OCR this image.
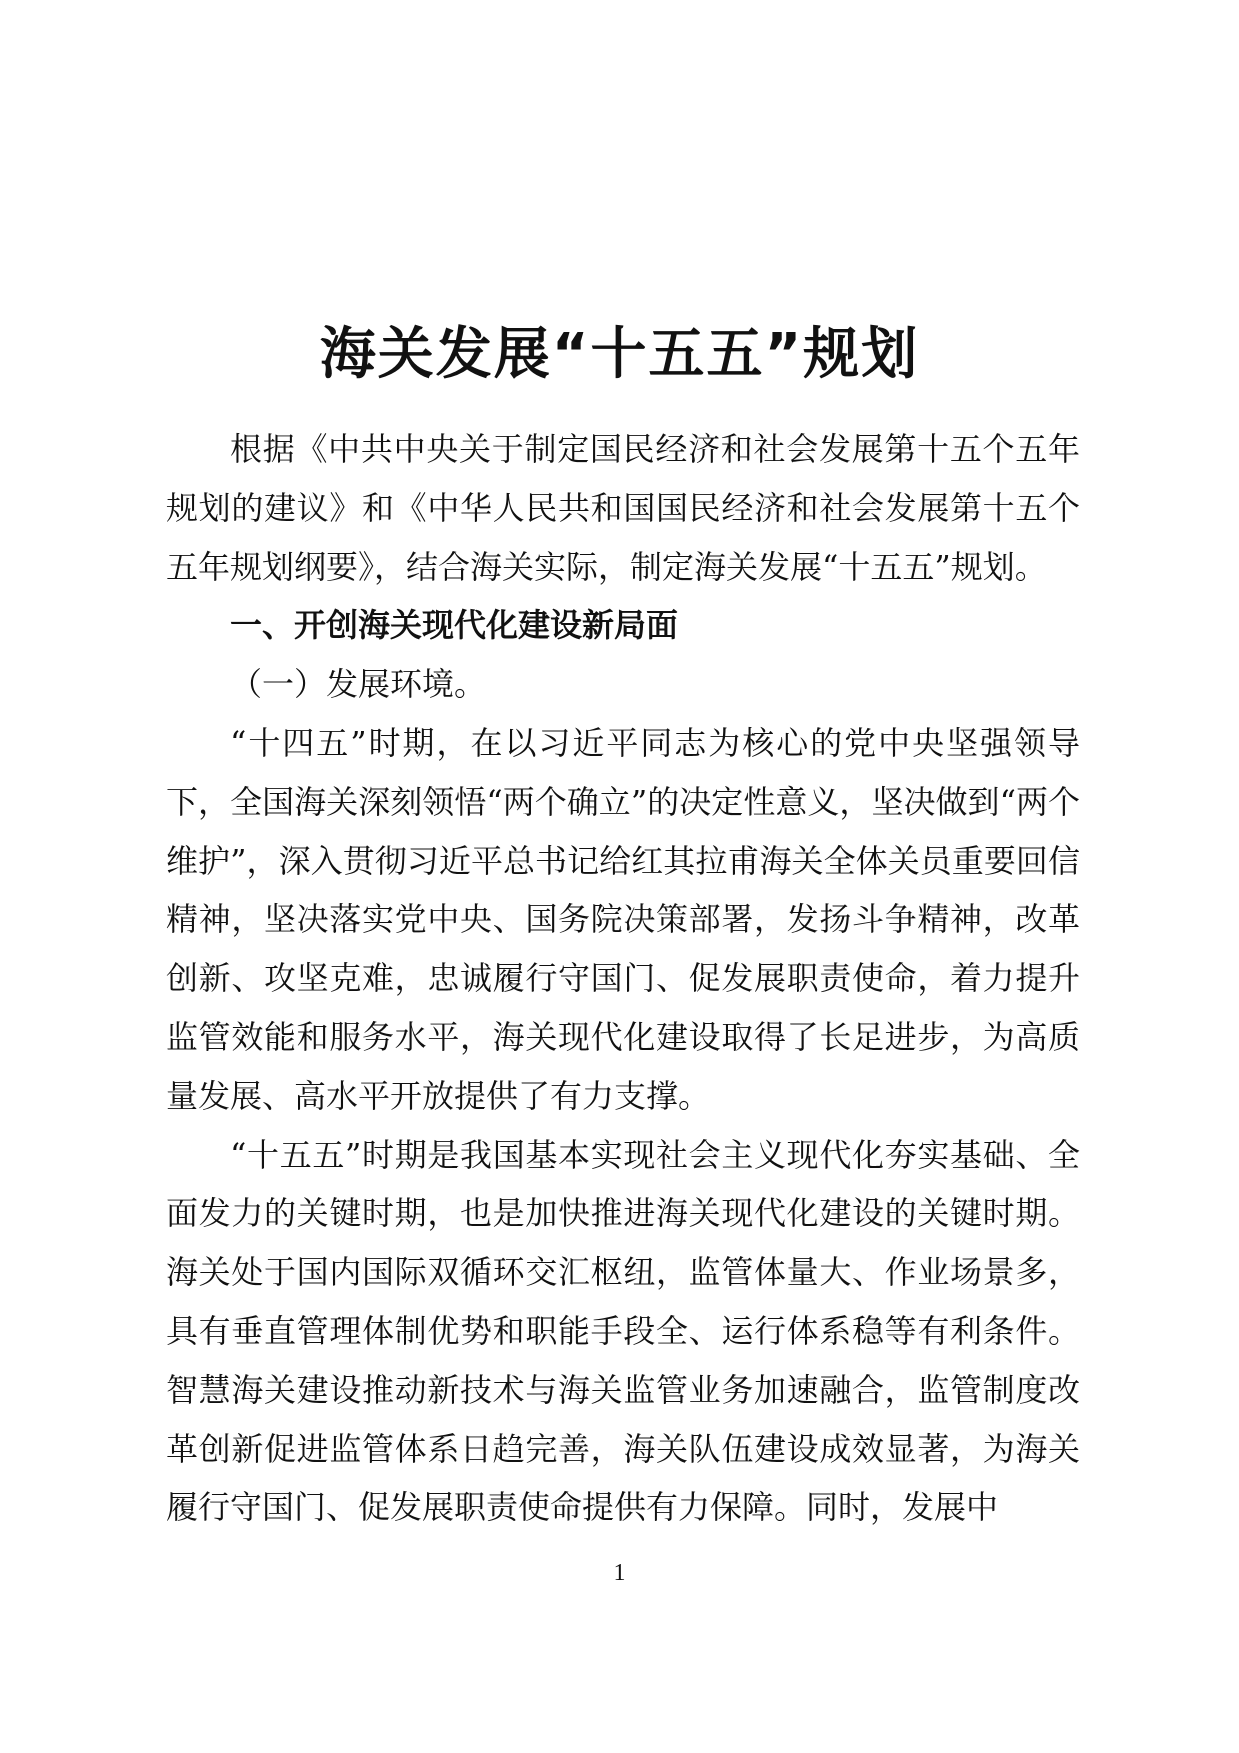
海关发展“十五五”规划

根据《中共中央关于制定国民经济和社会发展第十五个五年规划的建议》和《中华人民共和国国民经济和社会发展第十五个五年规划纲要》，结合海关实际，制定海关发展“十五五”规划。

一、开创海关现代化建设新局面

（一）发展环境。

“十四五”时期，在以习近平同志为核心的党中央坚强领导下，全国海关深刻领悟“两个确立”的决定性意义，坚决做到“两个维护”，深入贯彻习近平总书记给红其拉甫海关全体关员重要回信精神，坚决落实党中央、国务院决策部署，发扬斗争精神，改革创新、攻坚克难，忠诚履行守国门、促发展职责使命，着力提升监管效能和服务水平，海关现代化建设取得了长足进步，为高质量发展、高水平开放提供了有力支撑。

“十五五”时期是我国基本实现社会主义现代化夯实基础、全面发力的关键时期，也是加快推进海关现代化建设的关键时期。海关处于国内国际双循环交汇枢纽，监管体量大、作业场景多，具有垂直管理体制优势和职能手段全、运行体系稳等有利条件。智慧海关建设推动新技术与海关监管业务加速融合，监管制度改革创新促进监管体系日趋完善，海关队伍建设成效显著，为海关履行守国门、促发展职责使命提供有力保障。同时，发展中

1
